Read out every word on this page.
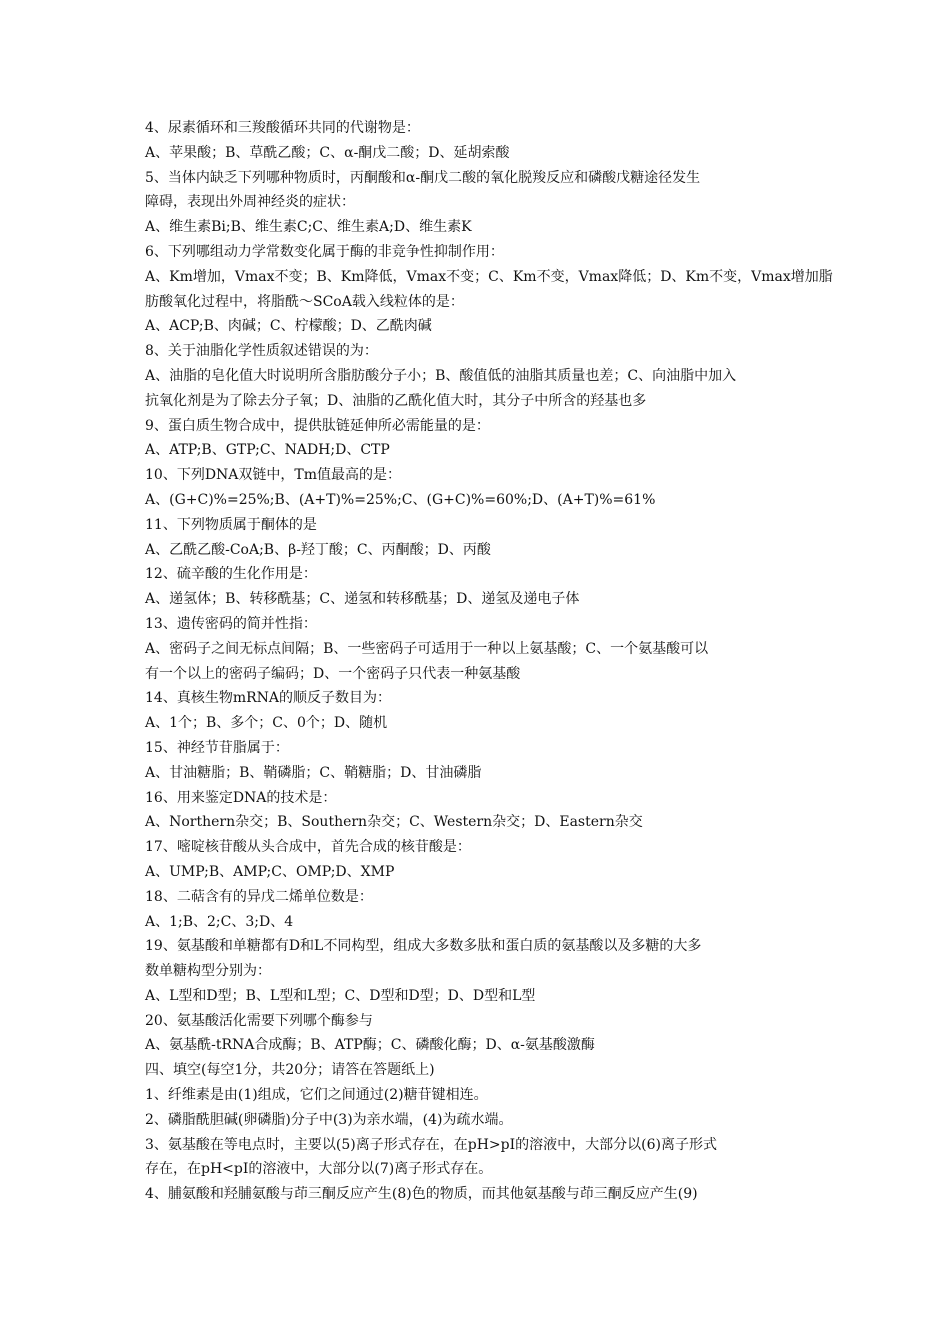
4、尿素循环和三羧酸循环共同的代谢物是：

A、苹果酸；B、草酰乙酸；C、α-酮戊二酸；D、延胡索酸

5、当体内缺乏下列哪种物质时，丙酮酸和α-酮戊二酸的氧化脱羧反应和磷酸戊糖途径发生

障碍，表现出外周神经炎的症状：

A、维生素Bi;B、维生素C;C、维生素A;D、维生素K

6、下列哪组动力学常数变化属于酶的非竞争性抑制作用：

A、Km增加，Vmax不变；B、Km降低，Vmax不变；C、Km不变，Vmax降低；D、Km不变，Vmax增加脂

肪酸氧化过程中，将脂酰～SCoA载入线粒体的是：

A、ACP;B、肉碱；C、柠檬酸；D、乙酰肉碱

8、关于油脂化学性质叙述错误的为：

A、油脂的皂化值大时说明所含脂肪酸分子小；B、酸值低的油脂其质量也差；C、向油脂中加入

抗氧化剂是为了除去分子氧；D、油脂的乙酰化值大时，其分子中所含的羟基也多

9、蛋白质生物合成中，提供肽链延伸所必需能量的是：

A、ATP;B、GTP;C、NADH;D、CTP

10、下列DNA双链中，Tm值最高的是：

A、(G+C)%=25%;B、(A+T)%=25%;C、(G+C)%=60%;D、(A+T)%=61%

11、下列物质属于酮体的是

A、乙酰乙酸-CoA;B、β-羟丁酸；C、丙酮酸；D、丙酸

12、硫辛酸的生化作用是：

A、递氢体；B、转移酰基；C、递氢和转移酰基；D、递氢及递电子体

13、遗传密码的简并性指：

A、密码子之间无标点间隔；B、一些密码子可适用于一种以上氨基酸；C、一个氨基酸可以

有一个以上的密码子编码；D、一个密码子只代表一种氨基酸

14、真核生物mRNA的顺反子数目为：

A、1个；B、多个；C、0个；D、随机

15、神经节苷脂属于：

A、甘油糖脂；B、鞘磷脂；C、鞘糖脂；D、甘油磷脂

16、用来鉴定DNA的技术是：

A、Northern杂交；B、Southern杂交；C、Western杂交；D、Eastern杂交

17、嘧啶核苷酸从头合成中，首先合成的核苷酸是：

A、UMP;B、AMP;C、OMP;D、XMP

18、二萜含有的异戊二烯单位数是：

A、1;B、2;C、3;D、4

19、氨基酸和单糖都有D和L不同构型，组成大多数多肽和蛋白质的氨基酸以及多糖的大多

数单糖构型分别为：

A、L型和D型；B、L型和L型；C、D型和D型；D、D型和L型

20、氨基酸活化需要下列哪个酶参与

A、氨基酰-tRNA合成酶；B、ATP酶；C、磷酸化酶；D、α-氨基酸激酶

四、填空(每空1分，共20分；请答在答题纸上)

1、纤维素是由(1)组成，它们之间通过(2)糖苷键相连。

2、磷脂酰胆碱(卵磷脂)分子中(3)为亲水端，(4)为疏水端。

3、氨基酸在等电点时，主要以(5)离子形式存在，在pH>pI的溶液中，大部分以(6)离子形式

存在，在pH<pI的溶液中，大部分以(7)离子形式存在。

4、脯氨酸和羟脯氨酸与茚三酮反应产生(8)色的物质，而其他氨基酸与茚三酮反应产生(9)
